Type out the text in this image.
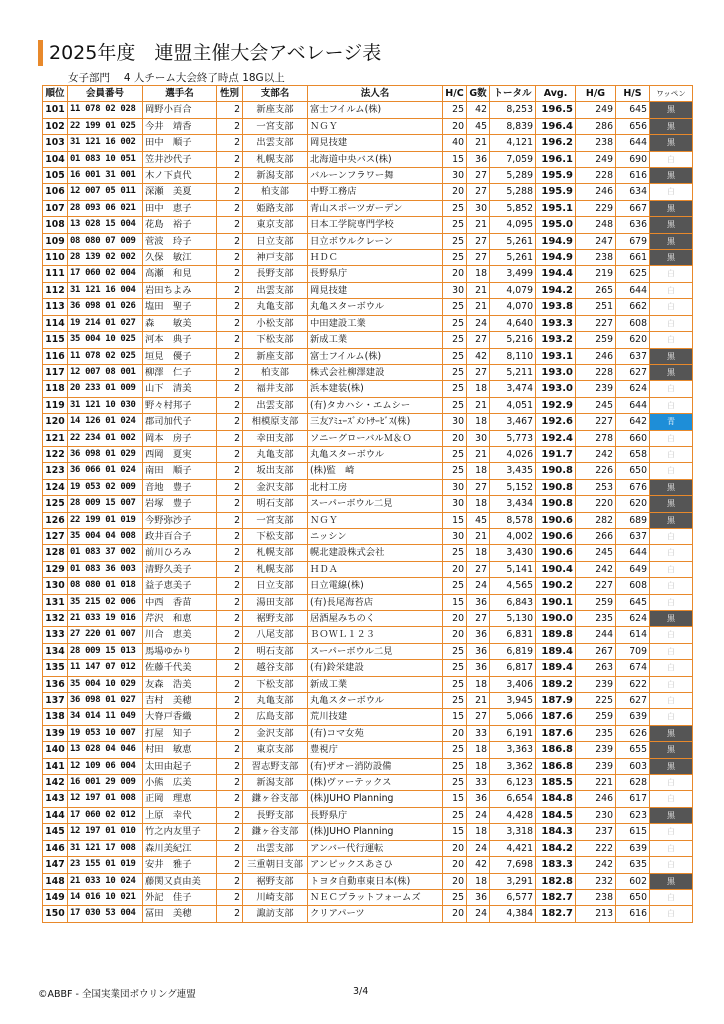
2025年度　連盟主催大会アベレージ表
女子部門　 4 人チーム大会終了時点 18G以上
順位	会員番号	選手名	性別	支部名	法人名	H/C	G数	トータル	Avg.	H/G	H/S	ワッペン
101	11 078 02 028	岡野小百合	2	新座支部	富士フイルム(株)	25	42	8,253	196.5	249	645	黒
102	22 199 01 025	今井　靖香	2	一宮支部	ＮＧＹ	20	45	8,839	196.4	286	656	黒
103	31 121 16 002	田中　順子	2	出雲支部	岡見技建	40	21	4,121	196.2	238	644	黒
104	01 083 10 051	笠井沙代子	2	札幌支部	北海道中央バス(株)	15	36	7,059	196.1	249	690	白
105	16 001 31 001	木ノ下貞代	2	新潟支部	バルーンフラワー舞	30	27	5,289	195.9	228	616	黒
106	12 007 05 011	深瀬　美夏	2	柏支部	中野工務店	20	27	5,288	195.9	246	634	白
107	28 093 06 021	田中　恵子	2	姫路支部	青山スポーツガーデン	25	30	5,852	195.1	229	667	黒
108	13 028 15 004	花島　裕子	2	東京支部	日本工学院専門学校	25	21	4,095	195.0	248	636	黒
109	08 080 07 009	菅波　玲子	2	日立支部	日立ボウルクレーン	25	27	5,261	194.9	247	679	黒
110	28 139 02 002	久保　敏江	2	神戸支部	ＨＤＣ	25	27	5,261	194.9	238	661	黒
111	17 060 02 004	高瀬　和見	2	長野支部	長野県庁	20	18	3,499	194.4	219	625	白
112	31 121 16 004	岩田ちよみ	2	出雲支部	岡見技建	30	21	4,079	194.2	265	644	白
113	36 098 01 026	塩田　聖子	2	丸亀支部	丸亀スターボウル	25	21	4,070	193.8	251	662	白
114	19 214 01 027	森　　敏美	2	小松支部	中田建設工業	25	24	4,640	193.3	227	608	白
115	35 004 10 025	河本　典子	2	下松支部	新成工業	25	27	5,216	193.2	259	620	白
116	11 078 02 025	垣見　優子	2	新座支部	富士フイルム(株)	25	42	8,110	193.1	246	637	黒
117	12 007 08 001	柳澤　仁子	2	柏支部	株式会社柳澤建設	25	27	5,211	193.0	228	627	黒
118	20 233 01 009	山下　清美	2	福井支部	浜本建装(株)	25	18	3,474	193.0	239	624	白
119	31 121 10 030	野々村邦子	2	出雲支部	(有)タカハシ・エムシー	25	21	4,051	192.9	245	644	白
120	14 126 01 024	郡司加代子	2	相模原支部	三友ｱﾐｭｰｽﾞﾒﾝﾄｻｰﾋﾞｽ(株)	30	18	3,467	192.6	227	642	青
121	22 234 01 002	岡本　房子	2	幸田支部	ソニーグローバルＭ＆Ｏ	20	30	5,773	192.4	278	660	白
122	36 098 01 029	西岡　夏実	2	丸亀支部	丸亀スターボウル	25	21	4,026	191.7	242	658	白
123	36 066 01 024	南田　順子	2	坂出支部	(株)監　崎	25	18	3,435	190.8	226	650	白
124	19 053 02 009	音地　豊子	2	金沢支部	北村工房	30	27	5,152	190.8	253	676	黒
125	28 009 15 007	岩塚　豊子	2	明石支部	スーパーボウル二見	30	18	3,434	190.8	220	620	黒
126	22 199 01 019	今野弥沙子	2	一宮支部	ＮＧＹ	15	45	8,578	190.6	282	689	黒
127	35 004 04 008	政井百合子	2	下松支部	ニッシン	30	21	4,002	190.6	266	637	白
128	01 083 37 002	前川ひろみ	2	札幌支部	幌北建設株式会社	25	18	3,430	190.6	245	644	白
129	01 083 36 003	清野久美子	2	札幌支部	ＨＤＡ	20	27	5,141	190.4	242	649	白
130	08 080 01 018	益子恵美子	2	日立支部	日立電線(株)	25	24	4,565	190.2	227	608	白
131	35 215 02 006	中西　香苗	2	湯田支部	(有)長尾海苔店	15	36	6,843	190.1	259	645	白
132	21 033 19 016	芹沢　和恵	2	裾野支部	居酒屋みちのく	20	27	5,130	190.0	235	624	黒
133	27 220 01 007	川合　恵美	2	八尾支部	ＢＯＷＬ１２３	20	36	6,831	189.8	244	614	白
134	28 009 15 013	馬場ゆかり	2	明石支部	スーパーボウル二見	25	36	6,819	189.4	267	709	白
135	11 147 07 012	佐藤千代美	2	越谷支部	(有)鈴栄建設	25	36	6,817	189.4	263	674	白
136	35 004 10 029	友森　浩美	2	下松支部	新成工業	25	18	3,406	189.2	239	622	白
137	36 098 01 027	吉村　美穂	2	丸亀支部	丸亀スターボウル	25	21	3,945	187.9	225	627	白
138	34 014 11 049	大脊戸香織	2	広島支部	荒川技建	15	27	5,066	187.6	259	639	白
139	19 053 10 007	打屋　知子	2	金沢支部	(有)コマ女苑	20	33	6,191	187.6	235	626	黒
140	13 028 04 046	村田　敏恵	2	東京支部	豊視庁	25	18	3,363	186.8	239	655	黒
141	12 109 06 004	太田由起子	2	習志野支部	(有)ザオー消防設備	25	18	3,362	186.8	239	603	黒
142	16 001 29 009	小熊　広美	2	新潟支部	(株)ヴァーテックス	25	33	6,123	185.5	221	628	白
143	12 197 01 008	正岡　理恵	2	鎌ヶ谷支部	(株)JUHO Planning	15	36	6,654	184.8	246	617	白
144	17 060 02 012	上原　幸代	2	長野支部	長野県庁	25	24	4,428	184.5	230	623	黒
145	12 197 01 010	竹之内友里子	2	鎌ヶ谷支部	(株)JUHO Planning	15	18	3,318	184.3	237	615	白
146	31 121 17 008	森川美紀江	2	出雲支部	アンバー代行運転	20	24	4,421	184.2	222	639	白
147	23 155 01 019	安井　雅子	2	三重朝日支部	アンピックスあさひ	20	42	7,698	183.3	242	635	白
148	21 033 10 024	藤関又貞由美	2	裾野支部	トヨタ自動車東日本(株)	20	18	3,291	182.8	232	602	黒
149	14 016 10 021	外記　佳子	2	川崎支部	ＮＥＣプラットフォームズ	25	36	6,577	182.7	238	650	白
150	17 030 53 004	冨田　美穂	2	諏訪支部	クリアパーツ	20	24	4,384	182.7	213	616	白
©ABBF - 全国実業団ボウリング連盟	3/4
